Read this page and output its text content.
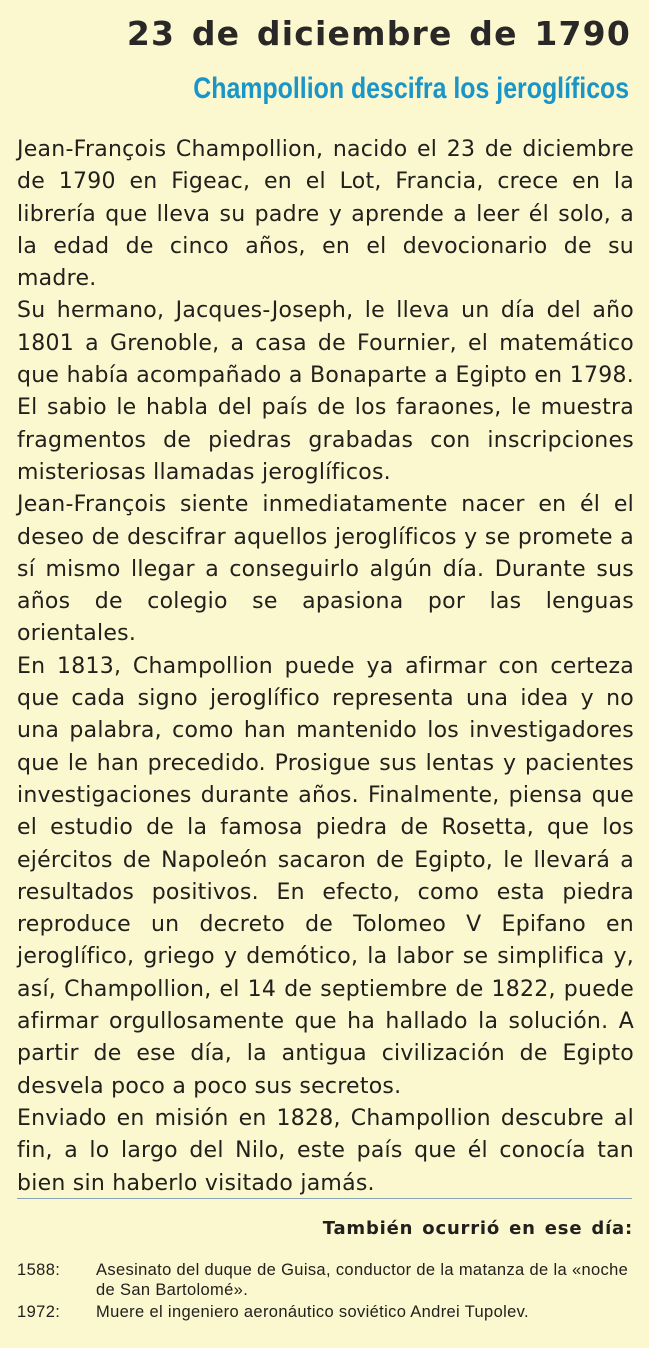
23 de diciembre de 1790
Champollion descifra los jeroglíficos

Jean-François Champollion, nacido el 23 de diciembre de 1790 en Figeac, en el Lot, Francia, crece en la librería que lleva su padre y aprende a leer él solo, a la edad de cinco años, en el devocionario de su madre.

Su hermano, Jacques-Joseph, le lleva un día del año 1801 a Grenoble, a casa de Fournier, el matemático que había acompañado a Bonaparte a Egipto en 1798. El sabio le habla del país de los faraones, le muestra fragmentos de piedras grabadas con inscripciones misteriosas llamadas jeroglíficos.

Jean-François siente inmediatamente nacer en él el deseo de descifrar aquellos jeroglíficos y se promete a sí mismo llegar a conseguirlo algún día. Durante sus años de colegio se apasiona por las lenguas orientales.

En 1813, Champollion puede ya afirmar con certeza que cada signo jeroglífico representa una idea y no una palabra, como han mantenido los investigadores que le han precedido. Prosigue sus lentas y pacientes investigaciones durante años. Finalmente, piensa que el estudio de la famosa piedra de Rosetta, que los ejércitos de Napoleón sacaron de Egipto, le llevará a resultados positivos. En efecto, como esta piedra reproduce un decreto de Tolomeo V Epifano en jeroglífico, griego y demótico, la labor se simplifica y, así, Champollion, el 14 de septiembre de 1822, puede afirmar orgullosamente que ha hallado la solución. A partir de ese día, la antigua civilización de Egipto desvela poco a poco sus secretos.

Enviado en misión en 1828, Champollion descubre al fin, a lo largo del Nilo, este país que él conocía tan bien sin haberlo visitado jamás.

También ocurrió en ese día:
1588:	Asesinato del duque de Guisa, conductor de la matanza de la «noche de San Bartolomé».
1972:	Muere el ingeniero aeronáutico soviético Andrei Tupolev.
